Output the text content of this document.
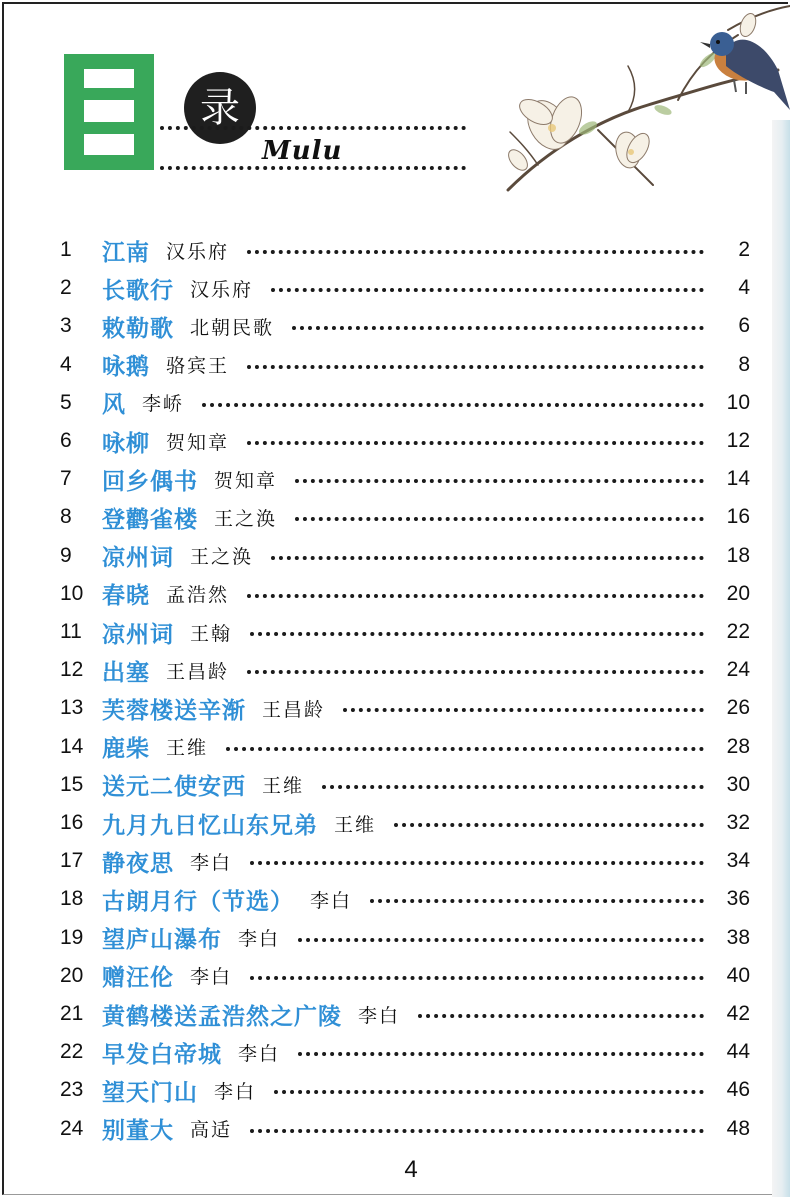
录
Mulu
1	江南 汉乐府	2
2	长歌行 汉乐府	4
3	敕勒歌 北朝民歌	6
4	咏鹅 骆宾王	8
5	风 李峤	10
6	咏柳 贺知章	12
7	回乡偶书 贺知章	14
8	登鹳雀楼 王之涣	16
9	凉州词 王之涣	18
10 春晓 孟浩然	20
11 凉州词 王翰	22
12 出塞 王昌龄	24
13 芙蓉楼送辛渐 王昌龄	26
14 鹿柴 王维	28
15 送元二使安西 王维	30
16 九月九日忆山东兄弟 王维	32
17 静夜思 李白	34
18 古朗月行（节选） 李白	36
19 望庐山瀑布 李白	38
20 赠汪伦 李白	40
21 黄鹤楼送孟浩然之广陵 李白	42
22 早发白帝城 李白	44
23 望天门山 李白	46
24 别董大 高适	48
4
